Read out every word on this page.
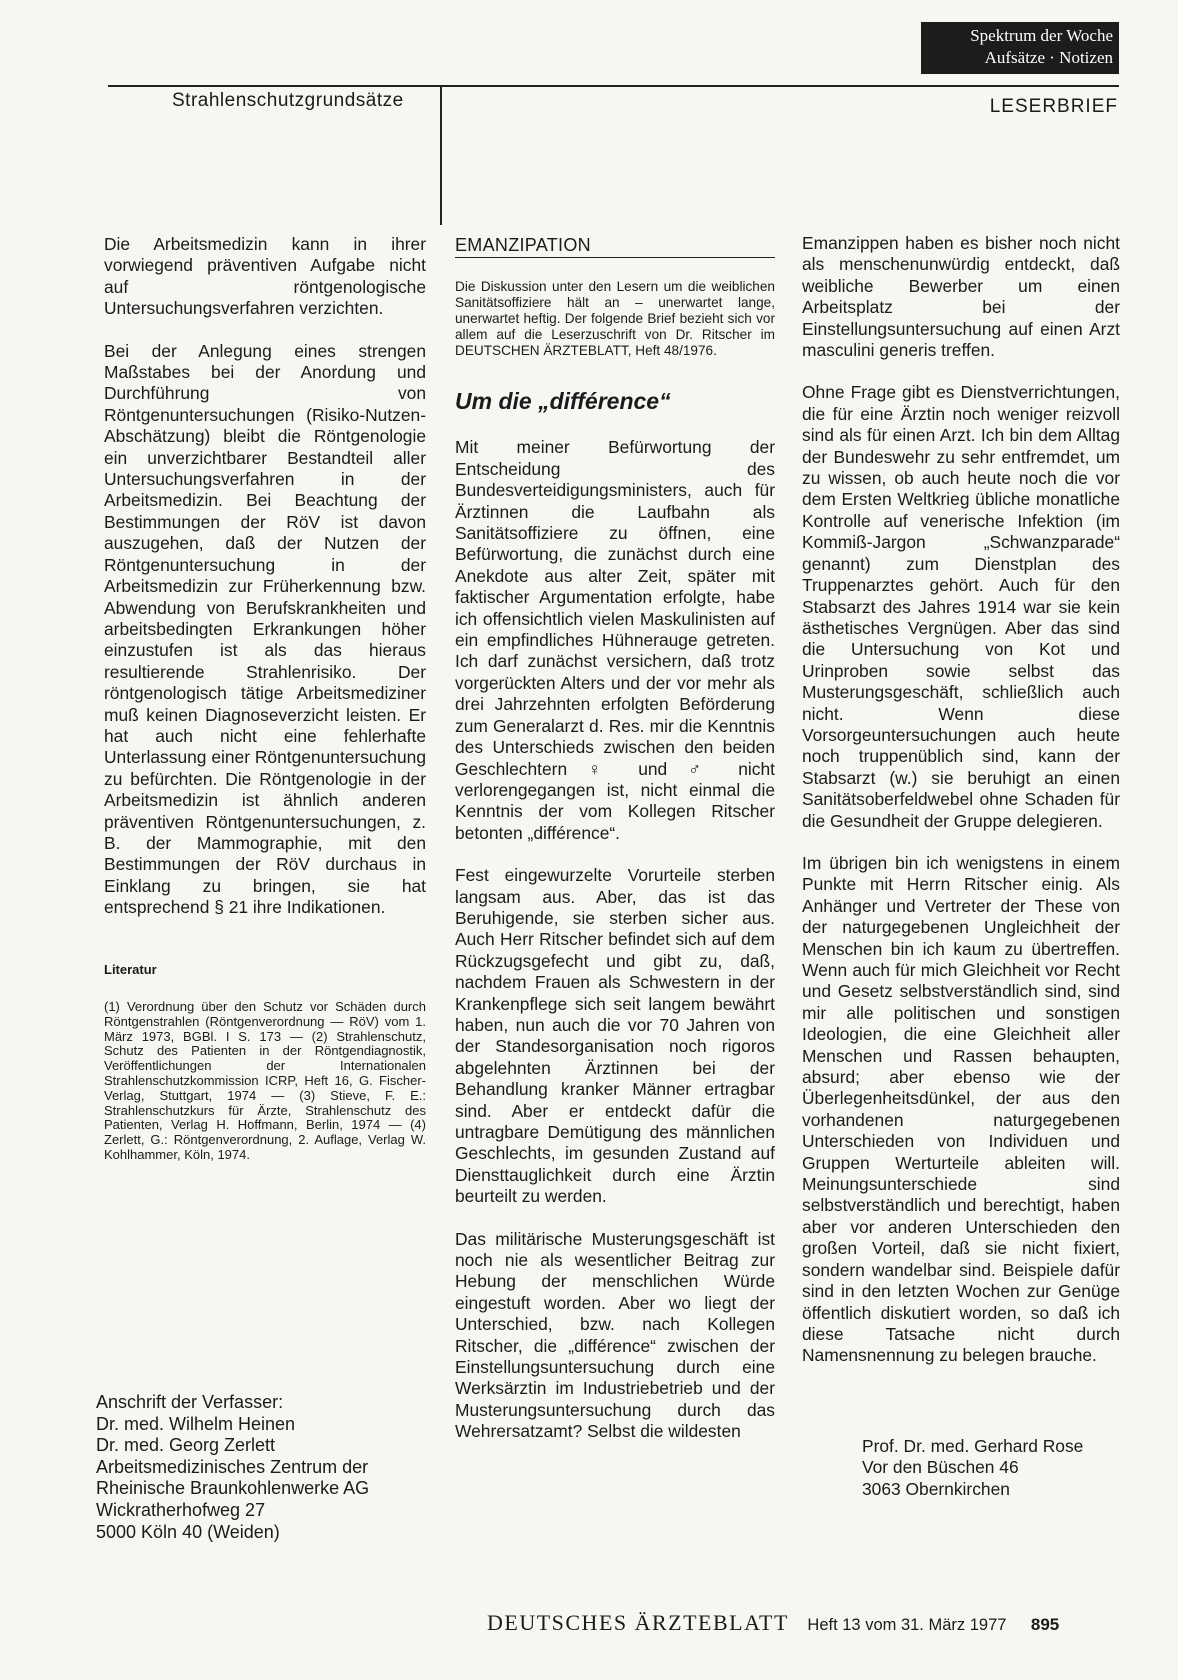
Spektrum der Woche
Aufsätze · Notizen
Strahlenschutzgrundsätze	LESERBRIEF

Die Arbeitsmedizin kann in ihrer vorwiegend präventiven Aufgabe nicht auf röntgenologische Untersuchungsverfahren verzichten.

Bei der Anlegung eines strengen Maßstabes bei der Anordung und Durchführung von Röntgenuntersuchungen (Risiko-Nutzen-Abschätzung) bleibt die Röntgenologie ein unverzichtbarer Bestandteil aller Untersuchungsverfahren in der Arbeitsmedizin. Bei Beachtung der Bestimmungen der RöV ist davon auszugehen, daß der Nutzen der Röntgenuntersuchung in der Arbeitsmedizin zur Früherkennung bzw. Abwendung von Berufskrankheiten und arbeitsbedingten Erkrankungen höher einzustufen ist als das hieraus resultierende Strahlenrisiko. Der röntgenologisch tätige Arbeitsmediziner muß keinen Diagnoseverzicht leisten. Er hat auch nicht eine fehlerhafte Unterlassung einer Röntgenuntersuchung zu befürchten. Die Röntgenologie in der Arbeitsmedizin ist ähnlich anderen präventiven Röntgenuntersuchungen, z. B. der Mammographie, mit den Bestimmungen der RöV durchaus in Einklang zu bringen, sie hat entsprechend § 21 ihre Indikationen.

Literatur

(1) Verordnung über den Schutz vor Schäden durch Röntgenstrahlen (Röntgenverordnung — RöV) vom 1. März 1973, BGBl. I S. 173 — (2) Strahlenschutz, Schutz des Patienten in der Röntgendiagnostik, Veröffentlichungen der Internationalen Strahlenschutzkommission ICRP, Heft 16, G. Fischer-Verlag, Stuttgart, 1974 — (3) Stieve, F. E.: Strahlenschutzkurs für Ärzte, Strahlenschutz des Patienten, Verlag H. Hoffmann, Berlin, 1974 — (4) Zerlett, G.: Röntgenverordnung, 2. Auflage, Verlag W. Kohlhammer, Köln, 1974.

Anschrift der Verfasser:
Dr. med. Wilhelm Heinen
Dr. med. Georg Zerlett
Arbeitsmedizinisches Zentrum der
Rheinische Braunkohlenwerke AG
Wickratherhofweg 27
5000 Köln 40 (Weiden)

EMANZIPATION

Die Diskussion unter den Lesern um die weiblichen Sanitätsoffiziere hält an – unerwartet lange, unerwartet heftig. Der folgende Brief bezieht sich vor allem auf die Leserzuschrift von Dr. Ritscher im DEUTSCHEN ÄRZTEBLATT, Heft 48/1976.

Um die „différence“

Mit meiner Befürwortung der Entscheidung des Bundesverteidigungsministers, auch für Ärztinnen die Laufbahn als Sanitätsoffiziere zu öffnen, eine Befürwortung, die zunächst durch eine Anekdote aus alter Zeit, später mit faktischer Argumentation erfolgte, habe ich offensichtlich vielen Maskulinisten auf ein empfindliches Hühnerauge getreten. Ich darf zunächst versichern, daß trotz vorgerückten Alters und der vor mehr als drei Jahrzehnten erfolgten Beförderung zum Generalarzt d. Res. mir die Kenntnis des Unterschieds zwischen den beiden Geschlechtern ♀ und ♂ nicht verlorengegangen ist, nicht einmal die Kenntnis der vom Kollegen Ritscher betonten „différence“.

Fest eingewurzelte Vorurteile sterben langsam aus. Aber, das ist das Beruhigende, sie sterben sicher aus. Auch Herr Ritscher befindet sich auf dem Rückzugsgefecht und gibt zu, daß, nachdem Frauen als Schwestern in der Krankenpflege sich seit langem bewährt haben, nun auch die vor 70 Jahren von der Standesorganisation noch rigoros abgelehnten Ärztinnen bei der Behandlung kranker Männer ertragbar sind. Aber er entdeckt dafür die untragbare Demütigung des männlichen Geschlechts, im gesunden Zustand auf Diensttauglichkeit durch eine Ärztin beurteilt zu werden.

Das militärische Musterungsgeschäft ist noch nie als wesentlicher Beitrag zur Hebung der menschlichen Würde eingestuft worden. Aber wo liegt der Unterschied, bzw. nach Kollegen Ritscher, die „différence“ zwischen der Einstellungsuntersuchung durch eine Werksärztin im Industriebetrieb und der Musterungsuntersuchung durch das Wehrersatzamt? Selbst die wildesten

Emanzippen haben es bisher noch nicht als menschenunwürdig entdeckt, daß weibliche Bewerber um einen Arbeitsplatz bei der Einstellungsuntersuchung auf einen Arzt masculini generis treffen.

Ohne Frage gibt es Dienstverrichtungen, die für eine Ärztin noch weniger reizvoll sind als für einen Arzt. Ich bin dem Alltag der Bundeswehr zu sehr entfremdet, um zu wissen, ob auch heute noch die vor dem Ersten Weltkrieg übliche monatliche Kontrolle auf venerische Infektion (im Kommiß-Jargon „Schwanzparade“ genannt) zum Dienstplan des Truppenarztes gehört. Auch für den Stabsarzt des Jahres 1914 war sie kein ästhetisches Vergnügen. Aber das sind die Untersuchung von Kot und Urinproben sowie selbst das Musterungsgeschäft, schließlich auch nicht. Wenn diese Vorsorgeuntersuchungen auch heute noch truppenüblich sind, kann der Stabsarzt (w.) sie beruhigt an einen Sanitätsoberfeldwebel ohne Schaden für die Gesundheit der Gruppe delegieren.

Im übrigen bin ich wenigstens in einem Punkte mit Herrn Ritscher einig. Als Anhänger und Vertreter der These von der naturgegebenen Ungleichheit der Menschen bin ich kaum zu übertreffen. Wenn auch für mich Gleichheit vor Recht und Gesetz selbstverständlich sind, sind mir alle politischen und sonstigen Ideologien, die eine Gleichheit aller Menschen und Rassen behaupten, absurd; aber ebenso wie der Überlegenheitsdünkel, der aus den vorhandenen naturgegebenen Unterschieden von Individuen und Gruppen Werturteile ableiten will. Meinungsunterschiede sind selbstverständlich und berechtigt, haben aber vor anderen Unterschieden den großen Vorteil, daß sie nicht fixiert, sondern wandelbar sind. Beispiele dafür sind in den letzten Wochen zur Genüge öffentlich diskutiert worden, so daß ich diese Tatsache nicht durch Namensnennung zu belegen brauche.

Prof. Dr. med. Gerhard Rose
Vor den Büschen 46
3063 Obernkirchen
DEUTSCHES ÄRZTEBLATT Heft 13 vom 31. März 1977 895
